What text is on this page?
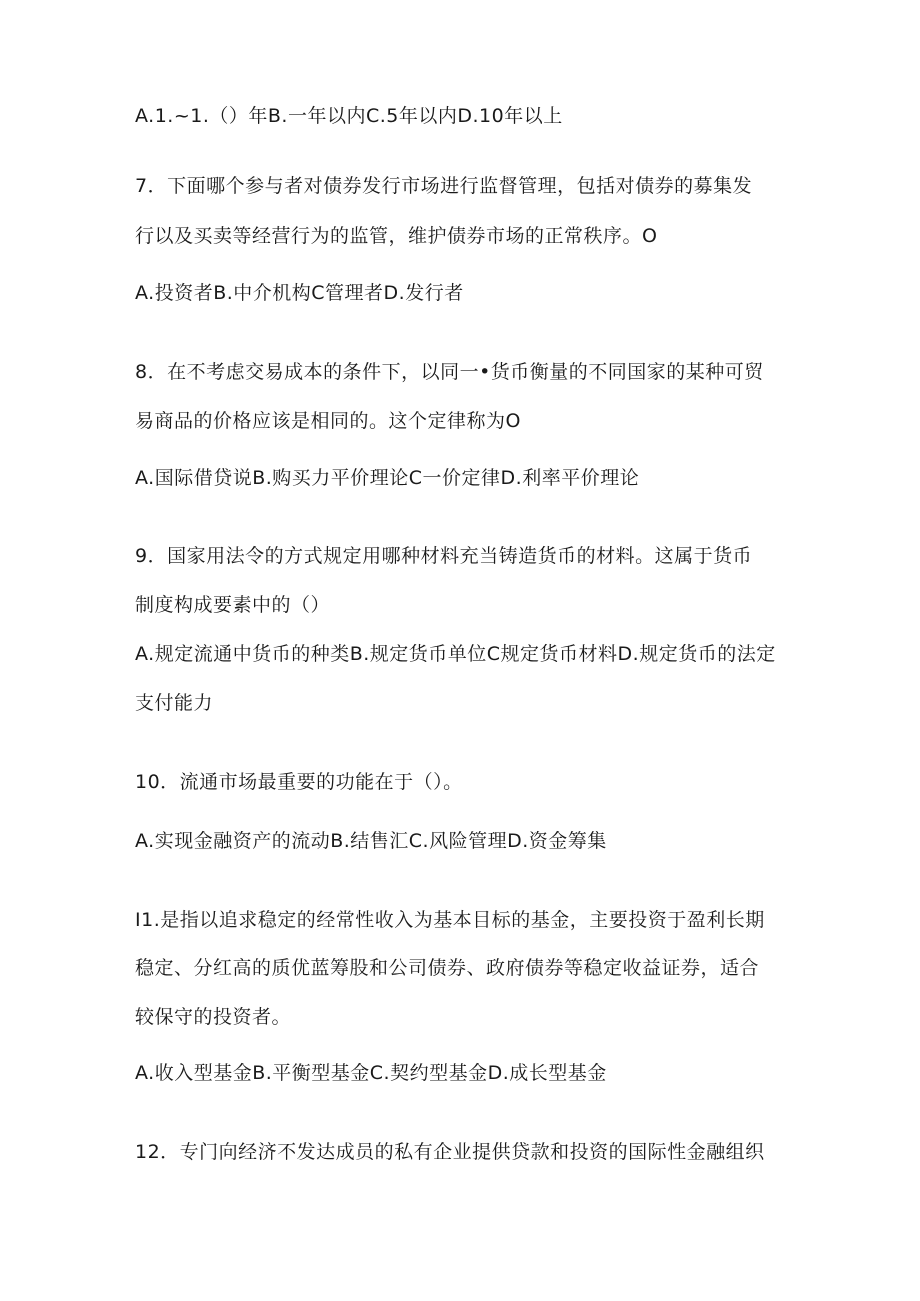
A.1.~1.（）年B.一年以内C.5年以内D.10年以上
7．下面哪个参与者对债券发行市场进行监督管理，包括对债券的募集发
行以及买卖等经营行为的监管，维护债券市场的正常秩序。O
A.投资者B.中介机构C管理者D.发行者
8．在不考虑交易成本的条件下，以同一•货币衡量的不同国家的某种可贸
易商品的价格应该是相同的。这个定律称为O
A.国际借贷说B.购买力平价理论C一价定律D.利率平价理论
9．国家用法令的方式规定用哪种材料充当铸造货币的材料。这属于货币
制度构成要素中的（）
A.规定流通中货币的种类B.规定货币单位C规定货币材料D.规定货币的法定
支付能力
10．流通市场最重要的功能在于（）。
A.实现金融资产的流动B.结售汇C.风险管理D.资金筹集
I1.是指以追求稳定的经常性收入为基本目标的基金，主要投资于盈利长期
稳定、分红高的质优蓝筹股和公司债券、政府债券等稳定收益证券，适合
较保守的投资者。
A.收入型基金B.平衡型基金C.契约型基金D.成长型基金
12．专门向经济不发达成员的私有企业提供贷款和投资的国际性金融组织
